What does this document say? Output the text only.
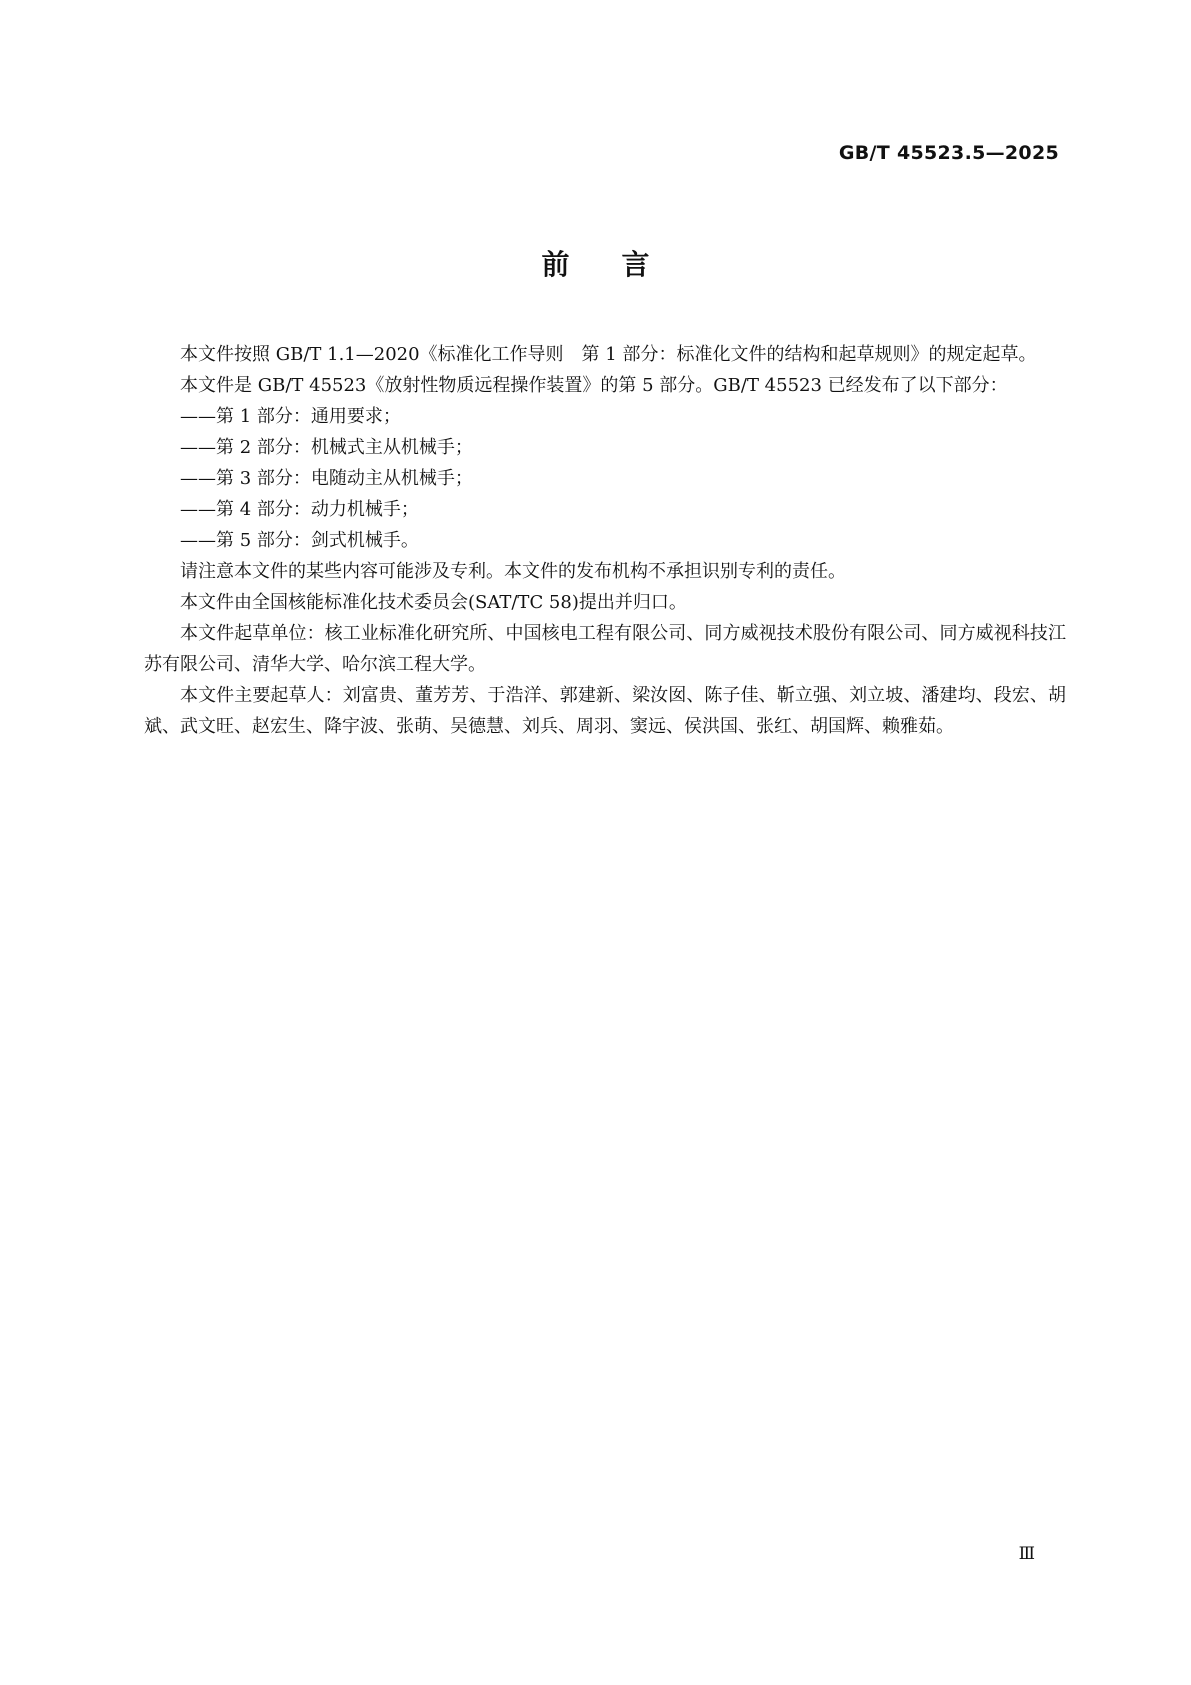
GB/T 45523.5—2025
前言

本文件按照 GB/T 1.1—2020《标准化工作导则　第 1 部分：标准化文件的结构和起草规则》的规定起草。

本文件是 GB/T 45523《放射性物质远程操作装置》的第 5 部分。GB/T 45523 已经发布了以下部分：

——第 1 部分：通用要求；
——第 2 部分：机械式主从机械手；
——第 3 部分：电随动主从机械手；
——第 4 部分：动力机械手；
——第 5 部分：剑式机械手。

请注意本文件的某些内容可能涉及专利。本文件的发布机构不承担识别专利的责任。

本文件由全国核能标准化技术委员会(SAT/TC 58)提出并归口。

本文件起草单位：核工业标准化研究所、中国核电工程有限公司、同方威视技术股份有限公司、同方威视科技江苏有限公司、清华大学、哈尔滨工程大学。

本文件主要起草人：刘富贵、董芳芳、于浩洋、郭建新、梁汝囡、陈子佳、靳立强、刘立坡、潘建均、段宏、胡斌、武文旺、赵宏生、降宇波、张萌、吴德慧、刘兵、周羽、窦远、侯洪国、张红、胡国辉、赖雅茹。

Ⅲ
